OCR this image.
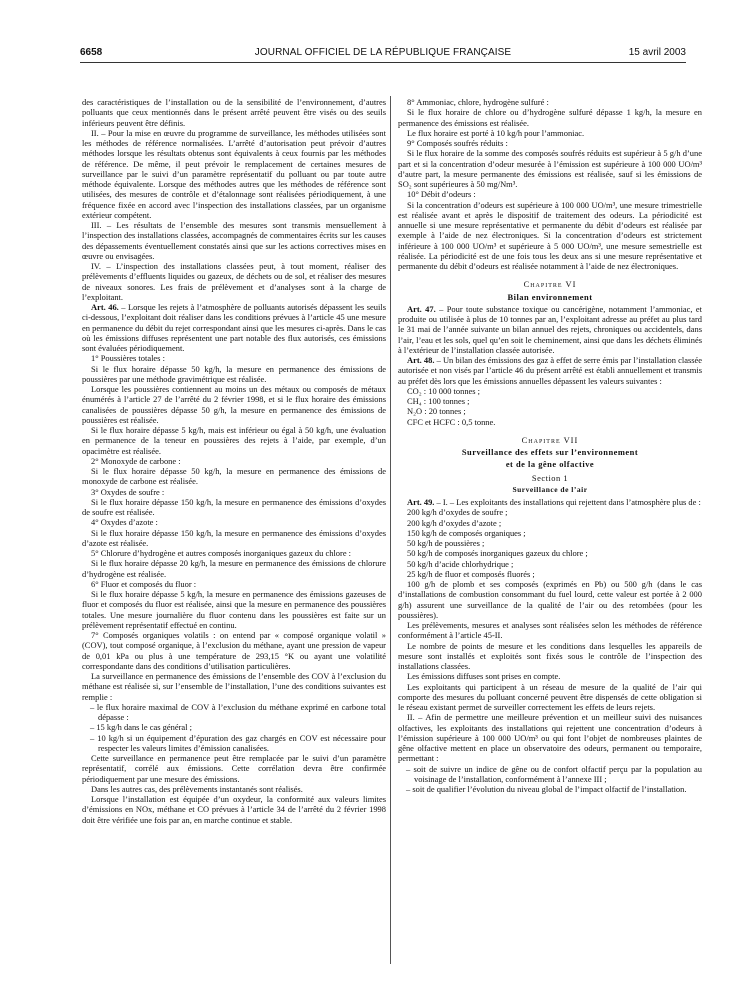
6658	JOURNAL OFFICIEL DE LA RÉPUBLIQUE FRANÇAISE	15 avril 2003

des caractéristiques de l’installation ou de la sensibilité de l’environnement, d’autres polluants que ceux mentionnés dans le présent arrêté peuvent être visés ou des seuils inférieurs peuvent être définis.

II. – Pour la mise en œuvre du programme de surveillance, les méthodes utilisées sont les méthodes de référence normalisées. L’arrêté d’autorisation peut prévoir d’autres méthodes lorsque les résultats obtenus sont équivalents à ceux fournis par les méthodes de référence. De même, il peut prévoir le remplacement de certaines mesures de surveillance par le suivi d’un paramètre représentatif du polluant ou par toute autre méthode équivalente. Lorsque des méthodes autres que les méthodes de référence sont utilisées, des mesures de contrôle et d’étalonnage sont réalisées périodiquement, à une fréquence fixée en accord avec l’inspection des installations classées, par un organisme extérieur compétent.

III. – Les résultats de l’ensemble des mesures sont transmis mensuellement à l’inspection des installations classées, accompagnés de commentaires écrits sur les causes des dépassements éventuellement constatés ainsi que sur les actions correctives mises en œuvre ou envisagées.

IV. – L’inspection des installations classées peut, à tout moment, réaliser des prélèvements d’effluents liquides ou gazeux, de déchets ou de sol, et réaliser des mesures de niveaux sonores. Les frais de prélèvement et d’analyses sont à la charge de l’exploitant.

Art. 46. – Lorsque les rejets à l’atmosphère de polluants autorisés dépassent les seuils ci-dessous, l’exploitant doit réaliser dans les conditions prévues à l’article 45 une mesure en permanence du débit du rejet correspondant ainsi que les mesures ci-après. Dans le cas où les émissions diffuses représentent une part notable des flux autorisés, ces émissions sont évaluées périodiquement.

1° Poussières totales :

Si le flux horaire dépasse 50 kg/h, la mesure en permanence des émissions de poussières par une méthode gravimétrique est réalisée.

Lorsque les poussières contiennent au moins un des métaux ou composés de métaux énumérés à l’article 27 de l’arrêté du 2 février 1998, et si le flux horaire des émissions canalisées de poussières dépasse 50 g/h, la mesure en permanence des émissions de poussières est réalisée.

Si le flux horaire dépasse 5 kg/h, mais est inférieur ou égal à 50 kg/h, une évaluation en permanence de la teneur en poussières des rejets à l’aide, par exemple, d’un opacimètre est réalisée.

2° Monoxyde de carbone :

Si le flux horaire dépasse 50 kg/h, la mesure en permanence des émissions de monoxyde de carbone est réalisée.

3° Oxydes de soufre :

Si le flux horaire dépasse 150 kg/h, la mesure en permanence des émissions d’oxydes de soufre est réalisée.

4° Oxydes d’azote :

Si le flux horaire dépasse 150 kg/h, la mesure en permanence des émissions d’oxydes d’azote est réalisée.

5° Chlorure d’hydrogène et autres composés inorganiques gazeux du chlore :

Si le flux horaire dépasse 20 kg/h, la mesure en permanence des émissions de chlorure d’hydrogène est réalisée.

6° Fluor et composés du fluor :

Si le flux horaire dépasse 5 kg/h, la mesure en permanence des émissions gazeuses de fluor et composés du fluor est réalisée, ainsi que la mesure en permanence des poussières totales. Une mesure journalière du fluor contenu dans les poussières est faite sur un prélèvement représentatif effectué en continu.

7° Composés organiques volatils : on entend par « composé organique volatil » (COV), tout composé organique, à l’exclusion du méthane, ayant une pression de vapeur de 0,01 kPa ou plus à une température de 293,15 °K ou ayant une volatilité correspondante dans des conditions d’utilisation particulières.

La surveillance en permanence des émissions de l’ensemble des COV à l’exclusion du méthane est réalisée si, sur l’ensemble de l’installation, l’une des conditions suivantes est remplie :

– le flux horaire maximal de COV à l’exclusion du méthane exprimé en carbone total dépasse :

– 15 kg/h dans le cas général ;

– 10 kg/h si un équipement d’épuration des gaz chargés en COV est nécessaire pour respecter les valeurs limites d’émission canalisées.

Cette surveillance en permanence peut être remplacée par le suivi d’un paramètre représentatif, corrélé aux émissions. Cette corrélation devra être confirmée périodiquement par une mesure des émissions.

Dans les autres cas, des prélèvements instantanés sont réalisés.

Lorsque l’installation est équipée d’un oxydeur, la conformité aux valeurs limites d’émissions en NOx, méthane et CO prévues à l’article 34 de l’arrêté du 2 février 1998 doit être vérifiée une fois par an, en marche continue et stable.

8° Ammoniac, chlore, hydrogène sulfuré :

Si le flux horaire de chlore ou d’hydrogène sulfuré dépasse 1 kg/h, la mesure en permanence des émissions est réalisée.

Le flux horaire est porté à 10 kg/h pour l’ammoniac.

9° Composés soufrés réduits :

Si le flux horaire de la somme des composés soufrés réduits est supérieur à 5 g/h d’une part et si la concentration d’odeur mesurée à l’émission est supérieure à 100 000 UO/m³ d’autre part, la mesure permanente des émissions est réalisée, sauf si les émissions de SO₂ sont supérieures à 50 mg/Nm³.

10° Débit d’odeurs :

Si la concentration d’odeurs est supérieure à 100 000 UO/m³, une mesure trimestrielle est réalisée avant et après le dispositif de traitement des odeurs. La périodicité est annuelle si une mesure représentative et permanente du débit d’odeurs est réalisée par exemple à l’aide de nez électroniques. Si la concentration d’odeurs est strictement inférieure à 100 000 UO/m³ et supérieure à 5 000 UO/m³, une mesure semestrielle est réalisée. La périodicité est de une fois tous les deux ans si une mesure représentative et permanente du débit d’odeurs est réalisée notamment à l’aide de nez électroniques.

Chapitre VI
Bilan environnement

Art. 47. – Pour toute substance toxique ou cancérigène, notamment l’ammoniac, et produite ou utilisée à plus de 10 tonnes par an, l’exploitant adresse au préfet au plus tard le 31 mai de l’année suivante un bilan annuel des rejets, chroniques ou accidentels, dans l’air, l’eau et les sols, quel qu’en soit le cheminement, ainsi que dans les déchets éliminés à l’extérieur de l’installation classée autorisée.

Art. 48. – Un bilan des émissions des gaz à effet de serre émis par l’installation classée autorisée et non visés par l’article 46 du présent arrêté est établi annuellement et transmis au préfet dès lors que les émissions annuelles dépassent les valeurs suivantes :

CO₂ : 10 000 tonnes ;

CH₄ : 100 tonnes ;

N₂O : 20 tonnes ;

CFC et HCFC : 0,5 tonne.

Chapitre VII
Surveillance des effets sur l’environnement
et de la gêne olfactive
Section 1
Surveillance de l’air

Art. 49. – I. – Les exploitants des installations qui rejettent dans l’atmosphère plus de :

200 kg/h d’oxydes de soufre ;

200 kg/h d’oxydes d’azote ;

150 kg/h de composés organiques ;

50 kg/h de poussières ;

50 kg/h de composés inorganiques gazeux du chlore ;

50 kg/h d’acide chlorhydrique ;

25 kg/h de fluor et composés fluorés ;

100 g/h de plomb et ses composés (exprimés en Pb) ou 500 g/h (dans le cas d’installations de combustion consommant du fuel lourd, cette valeur est portée à 2 000 g/h) assurent une surveillance de la qualité de l’air ou des retombées (pour les poussières).

Les prélèvements, mesures et analyses sont réalisées selon les méthodes de référence conformément à l’article 45-II.

Le nombre de points de mesure et les conditions dans lesquelles les appareils de mesure sont installés et exploités sont fixés sous le contrôle de l’inspection des installations classées.

Les émissions diffuses sont prises en compte.

Les exploitants qui participent à un réseau de mesure de la qualité de l’air qui comporte des mesures du polluant concerné peuvent être dispensés de cette obligation si le réseau existant permet de surveiller correctement les effets de leurs rejets.

II. – Afin de permettre une meilleure prévention et un meilleur suivi des nuisances olfactives, les exploitants des installations qui rejettent une concentration d’odeurs à l’émission supérieure à 100 000 UO/m³ ou qui font l’objet de nombreuses plaintes de gêne olfactive mettent en place un observatoire des odeurs, permanent ou temporaire, permettant :

– soit de suivre un indice de gêne ou de confort olfactif perçu par la population au voisinage de l’installation, conformément à l’annexe III ;

– soit de qualifier l’évolution du niveau global de l’impact olfactif de l’installation.
